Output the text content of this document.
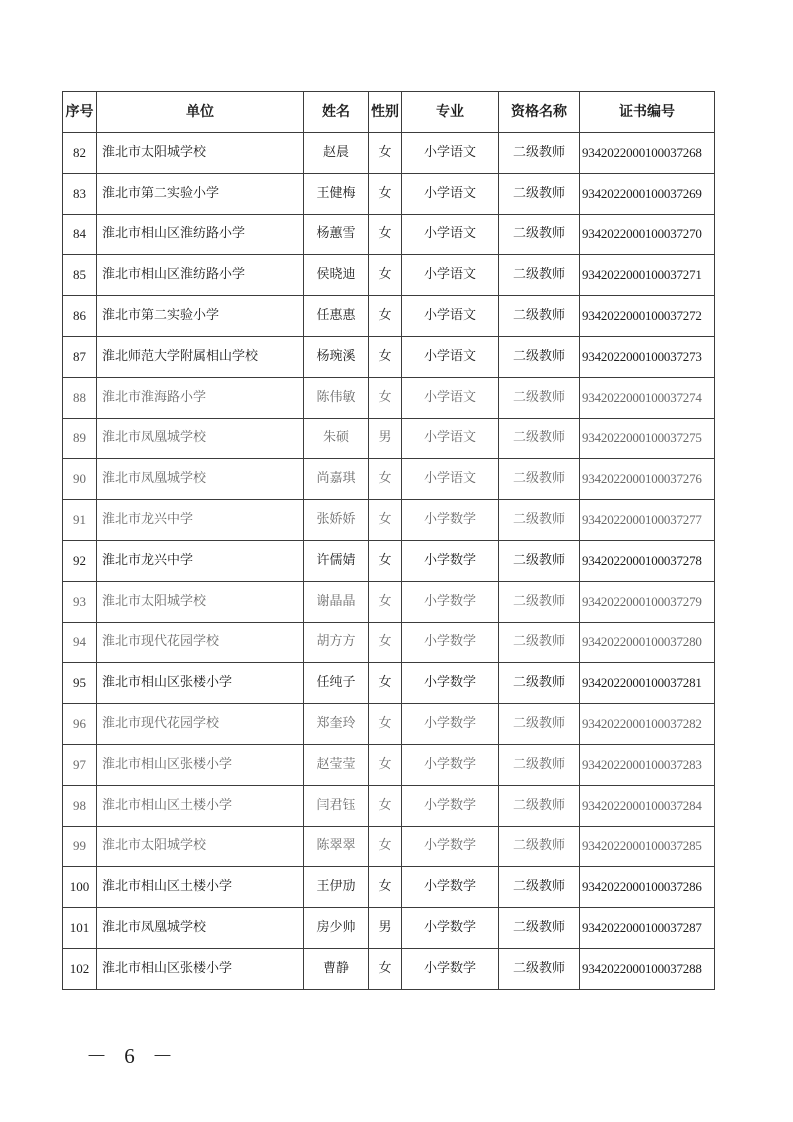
序号	单位	姓名	性别	专业	资格名称	证书编号
82	淮北市太阳城学校	赵晨	女	小学语文	二级教师	9342022000100037268
83	淮北市第二实验小学	王健梅	女	小学语文	二级教师	9342022000100037269
84	淮北市相山区淮纺路小学	杨蕙雪	女	小学语文	二级教师	9342022000100037270
85	淮北市相山区淮纺路小学	侯晓迪	女	小学语文	二级教师	9342022000100037271
86	淮北市第二实验小学	任惠惠	女	小学语文	二级教师	9342022000100037272
87	淮北师范大学附属相山学校	杨琬溪	女	小学语文	二级教师	9342022000100037273
88	淮北市淮海路小学	陈伟敏	女	小学语文	二级教师	9342022000100037274
89	淮北市凤凰城学校	朱硕	男	小学语文	二级教师	9342022000100037275
90	淮北市凤凰城学校	尚嘉琪	女	小学语文	二级教师	9342022000100037276
91	淮北市龙兴中学	张娇娇	女	小学数学	二级教师	9342022000100037277
92	淮北市龙兴中学	许儒婧	女	小学数学	二级教师	9342022000100037278
93	淮北市太阳城学校	谢晶晶	女	小学数学	二级教师	9342022000100037279
94	淮北市现代花园学校	胡方方	女	小学数学	二级教师	9342022000100037280
95	淮北市相山区张楼小学	任纯子	女	小学数学	二级教师	9342022000100037281
96	淮北市现代花园学校	郑奎玲	女	小学数学	二级教师	9342022000100037282
97	淮北市相山区张楼小学	赵莹莹	女	小学数学	二级教师	9342022000100037283
98	淮北市相山区土楼小学	闫君钰	女	小学数学	二级教师	9342022000100037284
99	淮北市太阳城学校	陈翠翠	女	小学数学	二级教师	9342022000100037285
100	淮北市相山区土楼小学	王伊劢	女	小学数学	二级教师	9342022000100037286
101	淮北市凤凰城学校	房少帅	男	小学数学	二级教师	9342022000100037287
102	淮北市相山区张楼小学	曹静	女	小学数学	二级教师	9342022000100037288
－ 6 －
